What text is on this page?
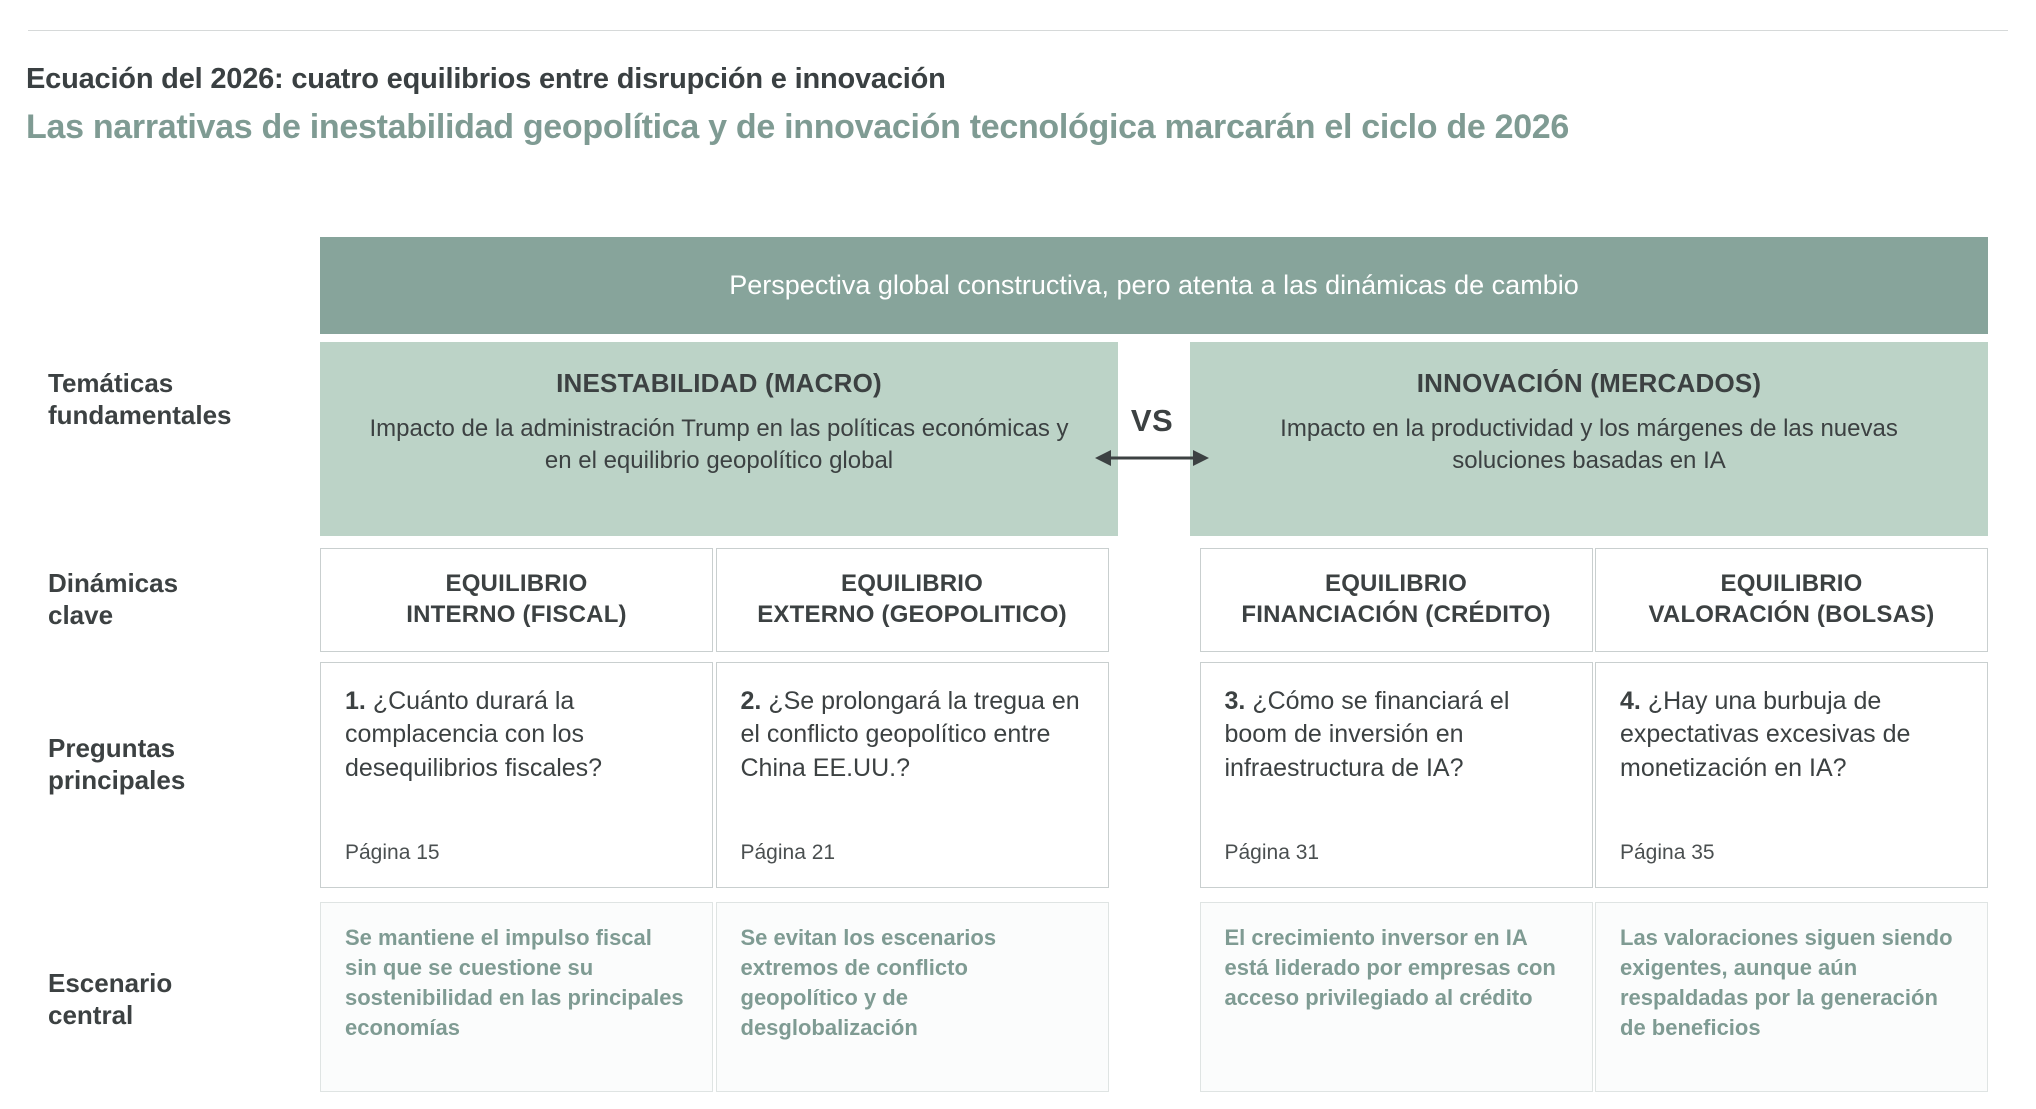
Ecuación del 2026: cuatro equilibrios entre disrupción e innovación
Las narrativas de inestabilidad geopolítica y de innovación tecnológica marcarán el ciclo de 2026
Temáticas
fundamentales
Dinámicas
clave
Preguntas
principales
Escenario
central
Perspectiva global constructiva, pero atenta a las dinámicas de cambio
INESTABILIDAD (MACRO)
Impacto de la administración Trump en las políticas económicas y en el equilibrio geopolítico global
INNOVACIÓN (MERCADOS)
Impacto en la productividad y los márgenes de las nuevas soluciones basadas en IA
VS
EQUILIBRIO
INTERNO (FISCAL)
EQUILIBRIO
EXTERNO (GEOPOLITICO)
EQUILIBRIO
FINANCIACIÓN (CRÉDITO)
EQUILIBRIO
VALORACIÓN (BOLSAS)
1. ¿Cuánto durará la complacencia con los desequilibrios fiscales?
Página 15
2. ¿Se prolongará la tregua en el conflicto geopolítico entre China EE.UU.?
Página 21
3. ¿Cómo se financiará el boom de inversión en infraestructura de IA?
Página 31
4. ¿Hay una burbuja de expectativas excesivas de monetización en IA?
Página 35
Se mantiene el impulso fiscal sin que se cuestione su sostenibilidad en las principales economías
Se evitan los escenarios extremos de conflicto geopolítico y de desglobalización
El crecimiento inversor en IA está liderado por empresas con acceso privilegiado al crédito
Las valoraciones siguen siendo exigentes, aunque aún respaldadas por la generación de beneficios
